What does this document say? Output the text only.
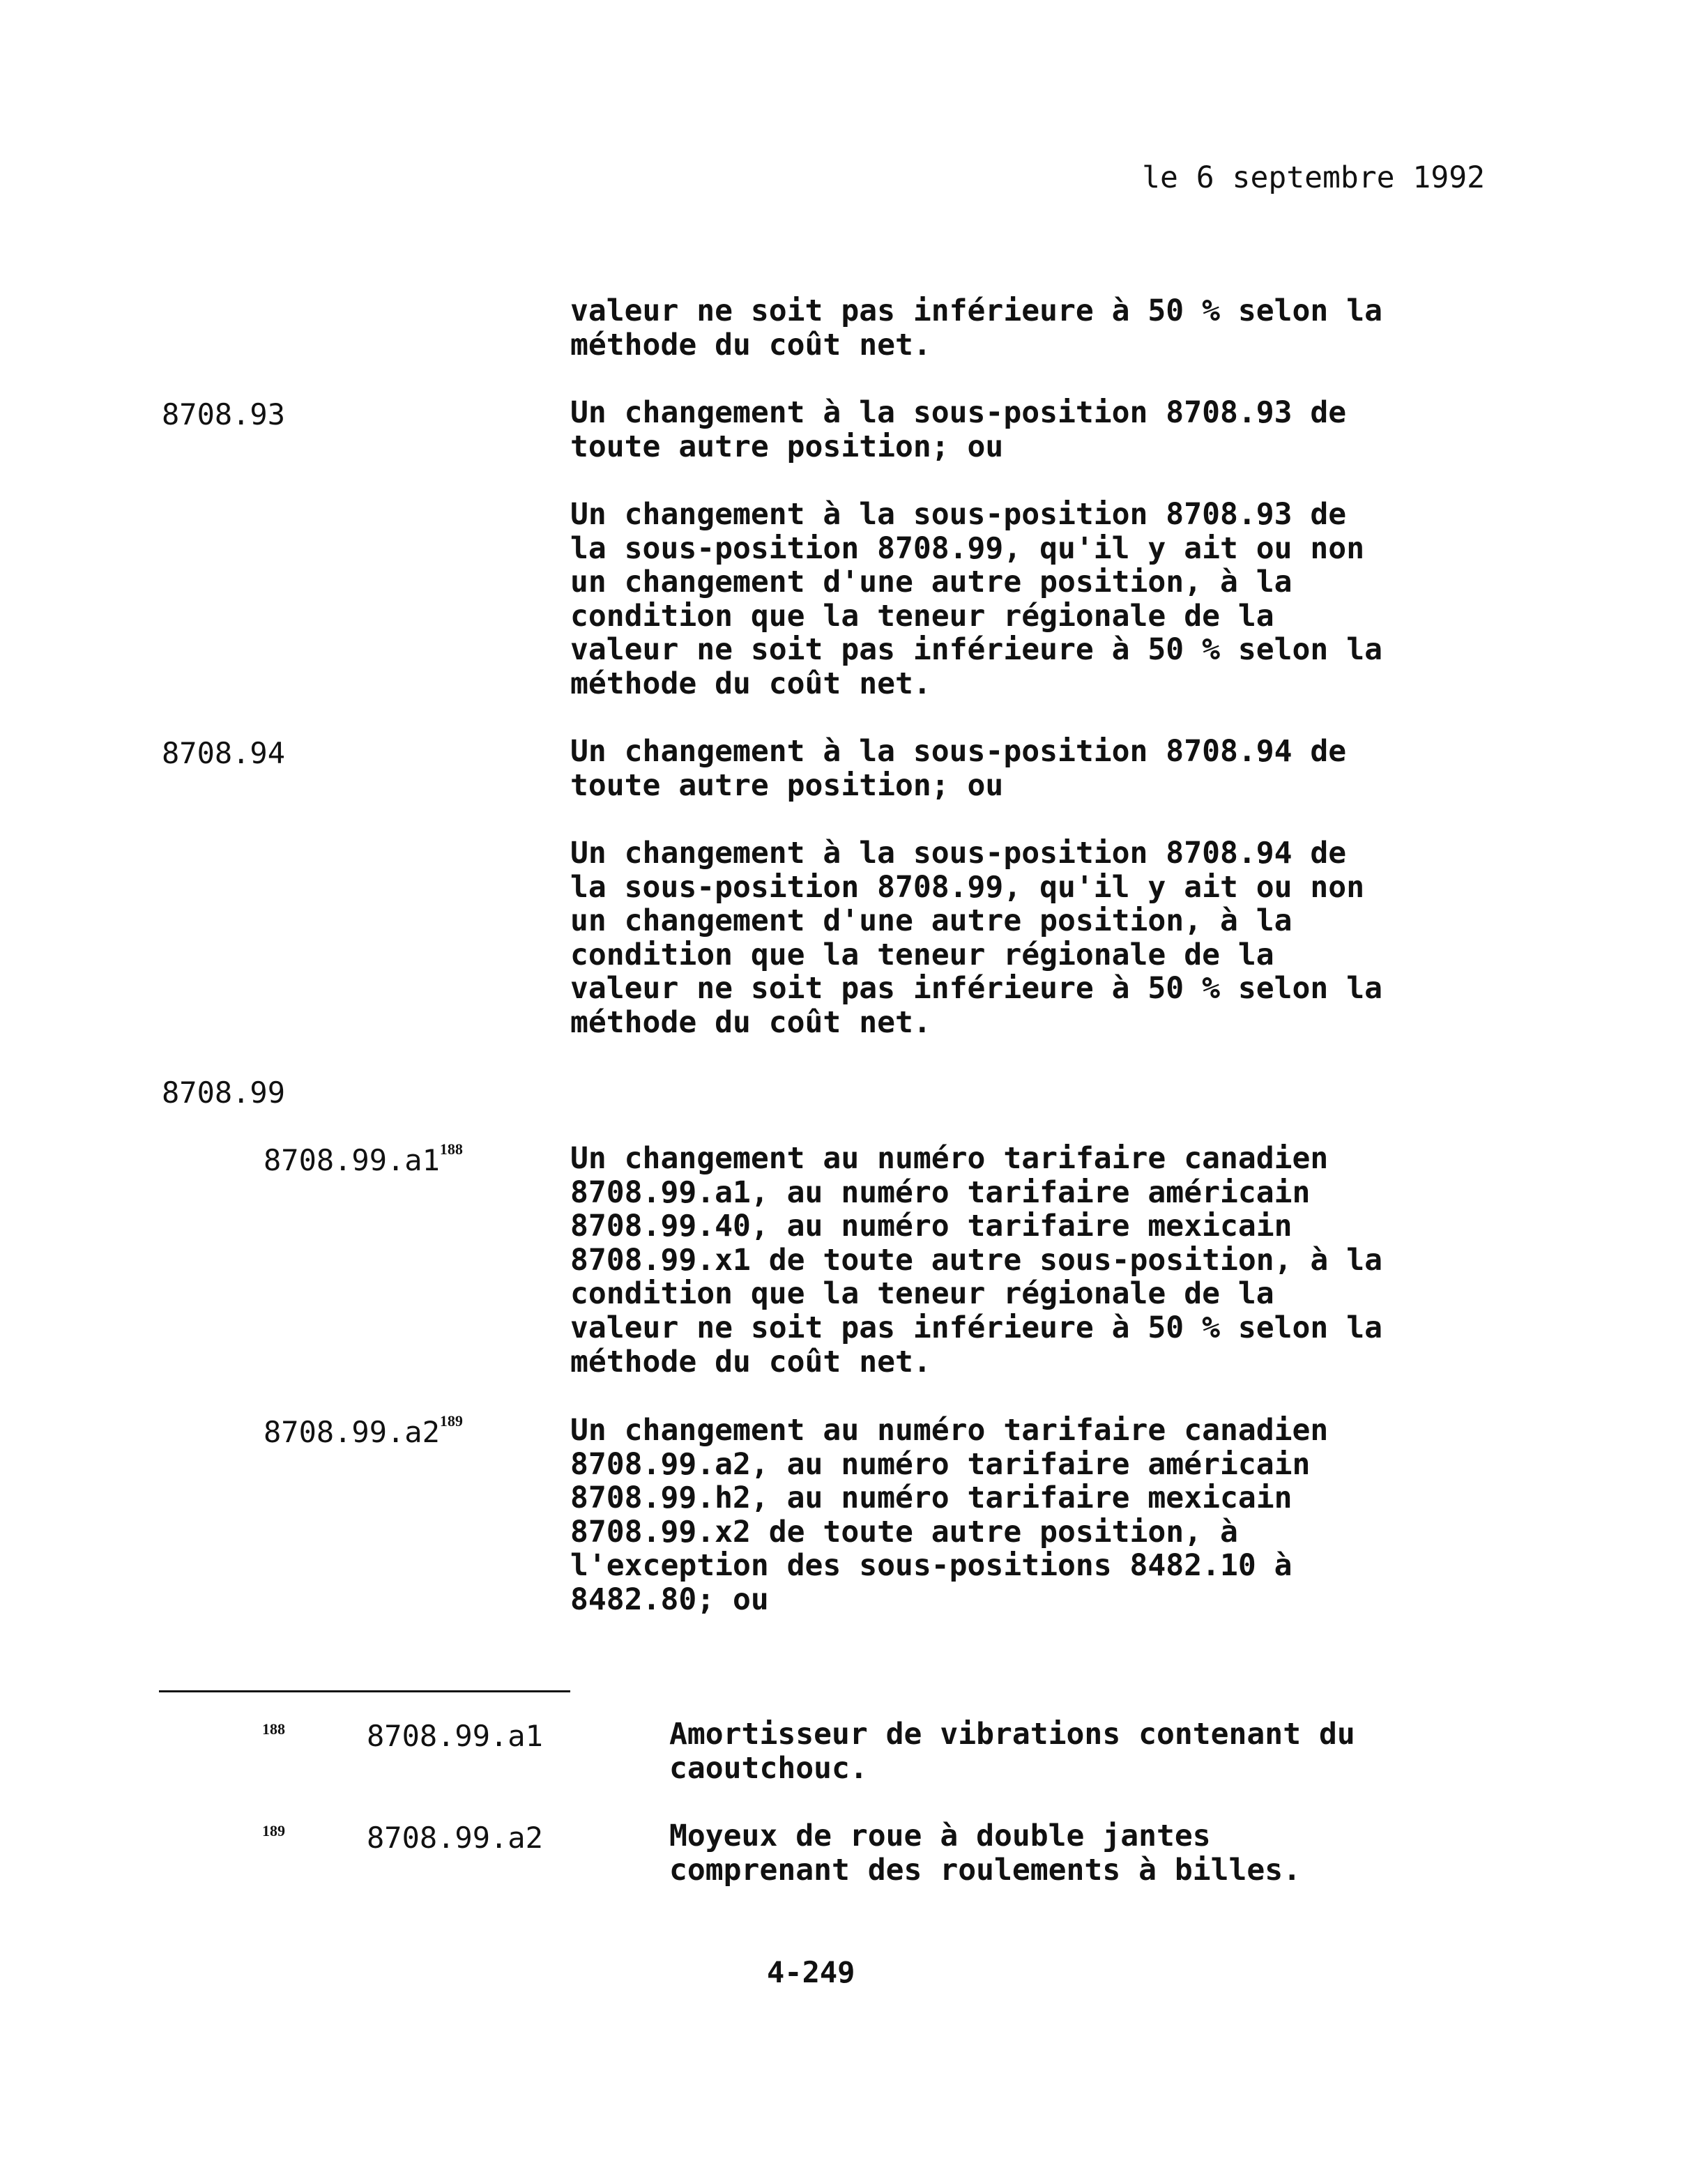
le 6 septembre 1992
valeur ne soit pas inférieure à 50 % selon la
méthode du coût net.
8708.93	Un changement à la sous-position 8708.93 de
toute autre position; ou
Un changement à la sous-position 8708.93 de
la sous-position 8708.99, qu'il y ait ou non
un changement d'une autre position, à la
condition que la teneur régionale de la
valeur ne soit pas inférieure à 50 % selon la
méthode du coût net.
8708.94	Un changement à la sous-position 8708.94 de
toute autre position; ou
Un changement à la sous-position 8708.94 de
la sous-position 8708.99, qu'il y ait ou non
un changement d'une autre position, à la
condition que la teneur régionale de la
valeur ne soit pas inférieure à 50 % selon la
méthode du coût net.
8708.99
$8708.99.a1^{188}$	Un changement au numéro tarifaire canadien
8708.99.a1, au numéro tarifaire américain
8708.99.40, au numéro tarifaire mexicain
8708.99.x1 de toute autre sous-position, à la
condition que la teneur régionale de la
valeur ne soit pas inférieure à 50 % selon la
méthode du coût net.
$8708.99.a2^{189}$	Un changement au numéro tarifaire canadien
8708.99.a2, au numéro tarifaire américain
8708.99.h2, au numéro tarifaire mexicain
8708.99.x2 de toute autre position, à
l'exception des sous-positions 8482.10 à
8482.80; ou
188	8708.99.a1	Amortisseur de vibrations contenant du
caoutchouc.
189	8708.99.a2	Moyeux de roue à double jantes
comprenant des roulements à billes.
4-249
